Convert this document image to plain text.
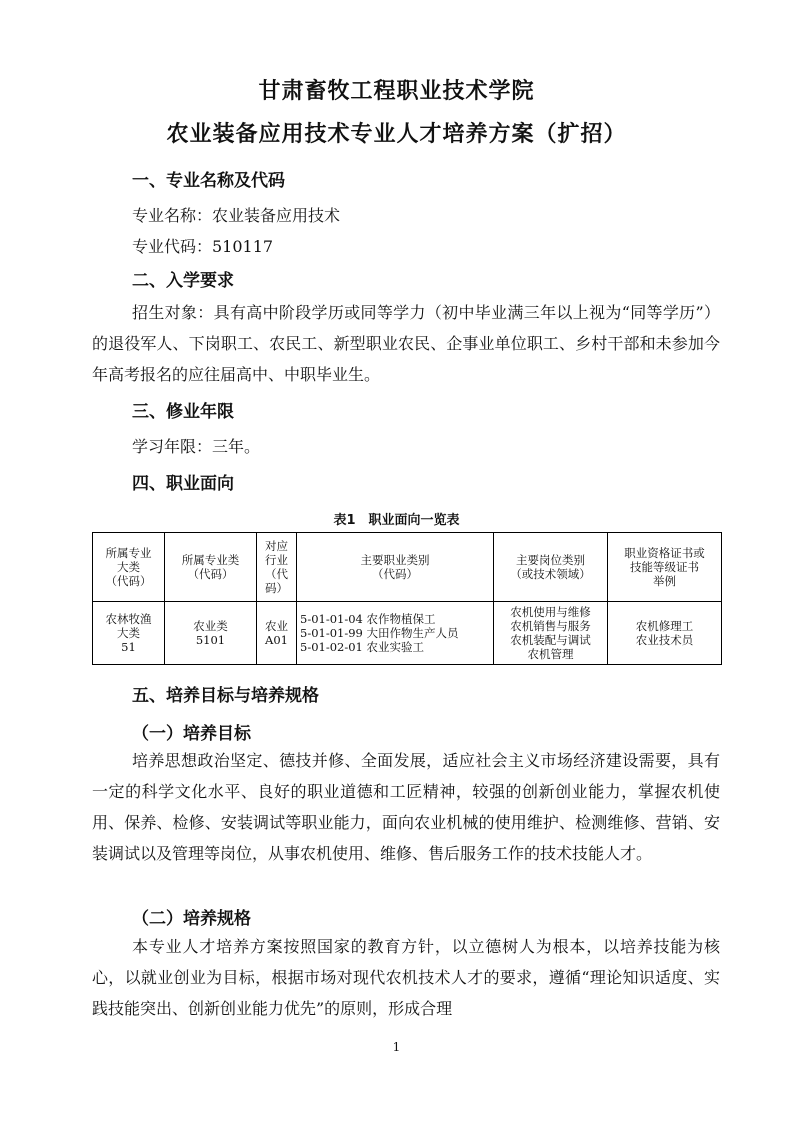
甘肃畜牧工程职业技术学院
农业装备应用技术专业人才培养方案（扩招）
一、专业名称及代码
专业名称：农业装备应用技术
专业代码：510117
二、入学要求

招生对象：具有高中阶段学历或同等学力（初中毕业满三年以上视为“同等学历”）的退役军人、下岗职工、农民工、新型职业农民、企事业单位职工、乡村干部和未参加今年高考报名的应往届高中、中职毕业生。

三、修业年限
学习年限：三年。
四、职业面向
表1　职业面向一览表
所属专业
大类
（代码）	所属专业类
（代码）	对应
行业
（代
码）	主要职业类别
（代码）	主要岗位类别
（或技术领域）	职业资格证书或
技能等级证书
举例
农林牧渔
大类
51	农业类
5101	农业
A01	5-01-01-04 农作物植保工
5-01-01-99 大田作物生产人员
5-01-02-01 农业实验工	农机使用与维修
农机销售与服务
农机装配与调试
农机管理	农机修理工
农业技术员
五、培养目标与培养规格
（一）培养目标

培养思想政治坚定、德技并修、全面发展，适应社会主义市场经济建设需要，具有一定的科学文化水平、良好的职业道德和工匠精神，较强的创新创业能力，掌握农机使用、保养、检修、安装调试等职业能力，面向农业机械的使用维护、检测维修、营销、安装调试以及管理等岗位，从事农机使用、维修、售后服务工作的技术技能人才。

（二）培养规格

本专业人才培养方案按照国家的教育方针，以立德树人为根本，以培养技能为核心，以就业创业为目标，根据市场对现代农机技术人才的要求，遵循“理论知识适度、实践技能突出、创新创业能力优先”的原则，形成合理

1
